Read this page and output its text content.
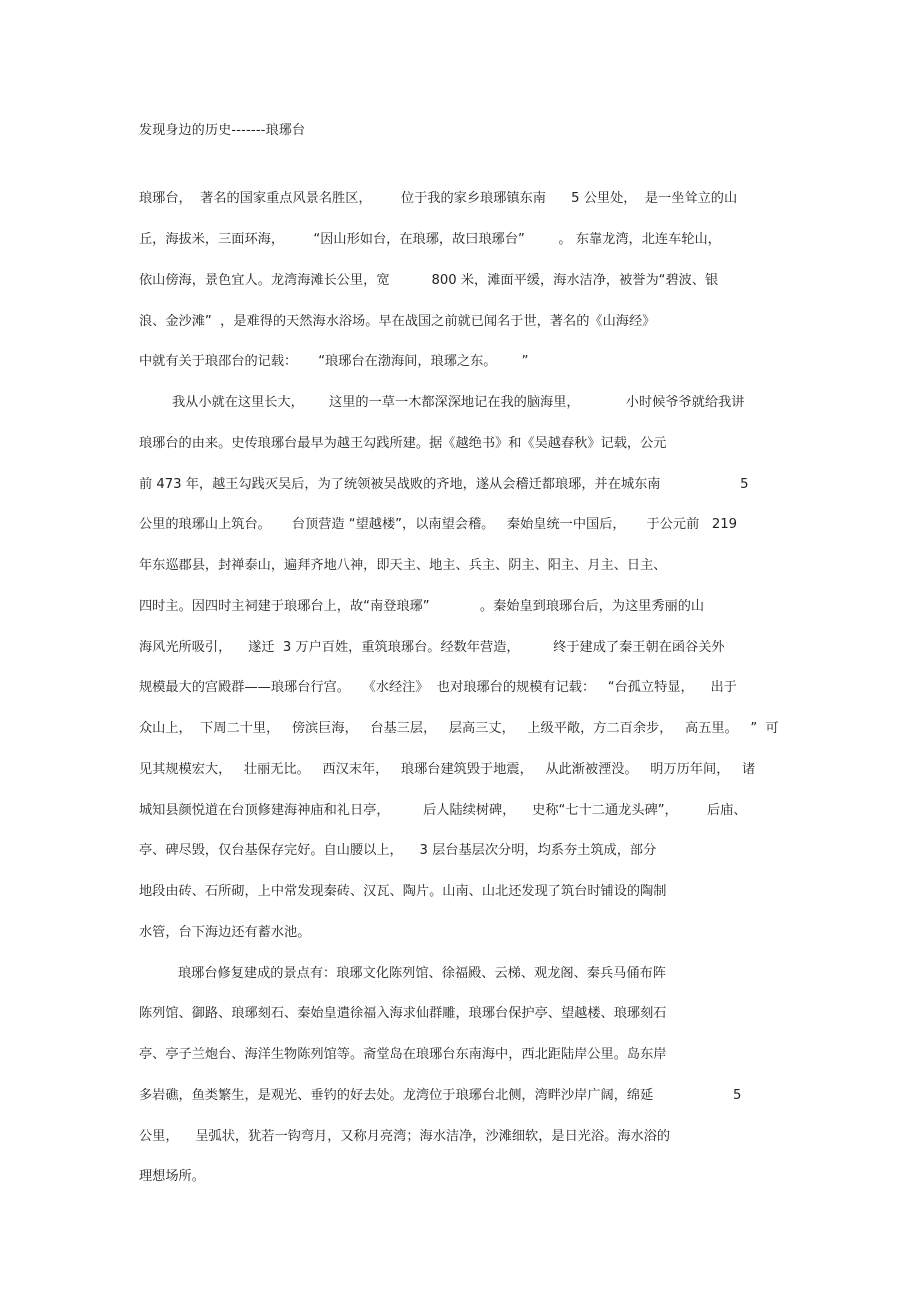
发现身边的历史-------琅琊台
琅琊台，  著名的国家重点风景名胜区，       位于我的家乡琅琊镇东南      5 公里处，  是一坐耸立的山
丘，海拔米，三面环海，       “因山形如台，在琅琊，故曰琅琊台”        。 东靠龙湾，北连车轮山，
依山傍海，景色宜人。龙湾海滩长公里，宽          800 米，滩面平缓，海水洁净，被誉为“碧波、银
浪、金沙滩”  ，是难得的天然海水浴场。早在战国之前就已闻名于世，著名的《山海经》
中就有关于琅邵台的记载：     “琅琊台在渤海间，琅琊之东。      ”
我从小就在这里长大，      这里的一草一木都深深地记在我的脑海里，           小时候爷爷就给我讲
琅琊台的由来。史传琅琊台最早为越王勾践所建。据《越绝书》和《吴越春秋》记载，公元
前 473 年，越王勾践灭吴后，为了统领被吴战败的齐地，遂从会稽迁都琅琊，并在城东南                   5
公里的琅琊山上筑台。     台顶营造 “望越楼”，以南望会稽。   秦始皇统一中国后，     于公元前   219
年东巡郡县，封禅泰山，遍拜齐地八神，即天主、地主、兵主、阴主、阳主、月主、日主、
四时主。因四时主祠建于琅琊台上，故“南登琅琊”            。秦始皇到琅琊台后，为这里秀丽的山
海风光所吸引，    遂迁  3 万户百姓，重筑琅琊台。经数年营造，        终于建成了秦王朝在函谷关外
规模最大的宫殿群——琅琊台行宫。   《水经注》  也对琅琊台的规模有记载：   “台孤立特显，    出于
众山上，  下周二十里，   傍滨巨海，   台基三层，   层高三丈，   上级平敞，方二百余步，   高五里。   ”  可
见其规模宏大，   壮丽无比。   西汉末年，   琅琊台建筑毁于地震，   从此渐被湮没。   明万历年间，   诸
城知县颜悦道在台顶修建海神庙和礼日亭，        后人陆续树碑，    史称“七十二通龙头碑”，       后庙、
亭、碑尽毁，仅台基保存完好。自山腰以上，    3 层台基层次分明，均系夯土筑成，部分
地段由砖、石所砌，上中常发现秦砖、汉瓦、陶片。山南、山北还发现了筑台时铺设的陶制
水管，台下海边还有蓄水池。
琅琊台修复建成的景点有：琅琊文化陈列馆、徐福殿、云梯、观龙阁、秦兵马俑布阵
陈列馆、御路、琅琊刻石、秦始皇遣徐福入海求仙群雕，琅琊台保护亭、望越楼、琅琊刻石
亭、亭子兰炮台、海洋生物陈列馆等。斋堂岛在琅琊台东南海中，西北距陆岸公里。岛东岸
多岩礁，鱼类繁生，是观光、垂钓的好去处。龙湾位于琅琊台北侧，湾畔沙岸广阔，绵延                   5
公里，    呈弧状，犹若一钩弯月，又称月亮湾；海水洁净，沙滩细软，是日光浴。海水浴的
理想场所。
